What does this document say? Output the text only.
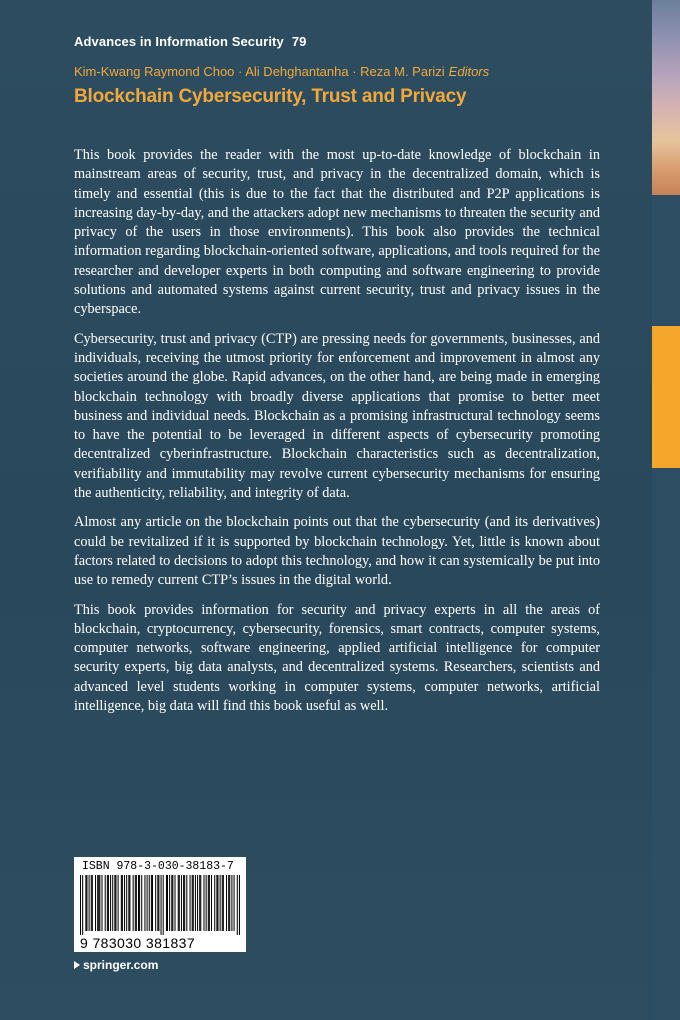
Advances in Information Security 79
Kim-Kwang Raymond Choo · Ali Dehghantanha · Reza M. Parizi Editors
Blockchain Cybersecurity, Trust and Privacy

This book provides the reader with the most up-to-date knowledge of blockchain in mainstream areas of security, trust, and privacy in the decentralized domain, which is timely and essential (this is due to the fact that the distributed and P2P applications is increasing day-by-day, and the attackers adopt new mechanisms to threaten the security and privacy of the users in those environments). This book also provides the technical information regarding blockchain-oriented software, applications, and tools required for the researcher and developer experts in both computing and software engineering to provide solutions and automated systems against current security, trust and privacy issues in the cyberspace.

Cybersecurity, trust and privacy (CTP) are pressing needs for governments, businesses, and individuals, receiving the utmost priority for enforcement and improvement in almost any societies around the globe. Rapid advances, on the other hand, are being made in emerging blockchain technology with broadly diverse applications that promise to better meet business and individual needs. Blockchain as a promising infrastructural technology seems to have the potential to be leveraged in different aspects of cybersecurity promoting decentralized cyberinfrastructure. Blockchain characteristics such as decentralization, verifiability and immutability may revolve current cybersecurity mechanisms for ensuring the authenticity, reliability, and integrity of data.

Almost any article on the blockchain points out that the cybersecurity (and its derivatives) could be revitalized if it is supported by blockchain technology. Yet, little is known about factors related to decisions to adopt this technology, and how it can systemically be put into use to remedy current CTP’s issues in the digital world.

This book provides information for security and privacy experts in all the areas of blockchain, cryptocurrency, cybersecurity, forensics, smart contracts, computer systems, computer networks, software engineering, applied artificial intelligence for computer security experts, big data analysts, and decentralized systems. Researchers, scientists and advanced level students working in computer systems, computer networks, artificial intelligence, big data will find this book useful as well.

ISBN 978-3-030-38183-7
9 783030 381837
springer.com
